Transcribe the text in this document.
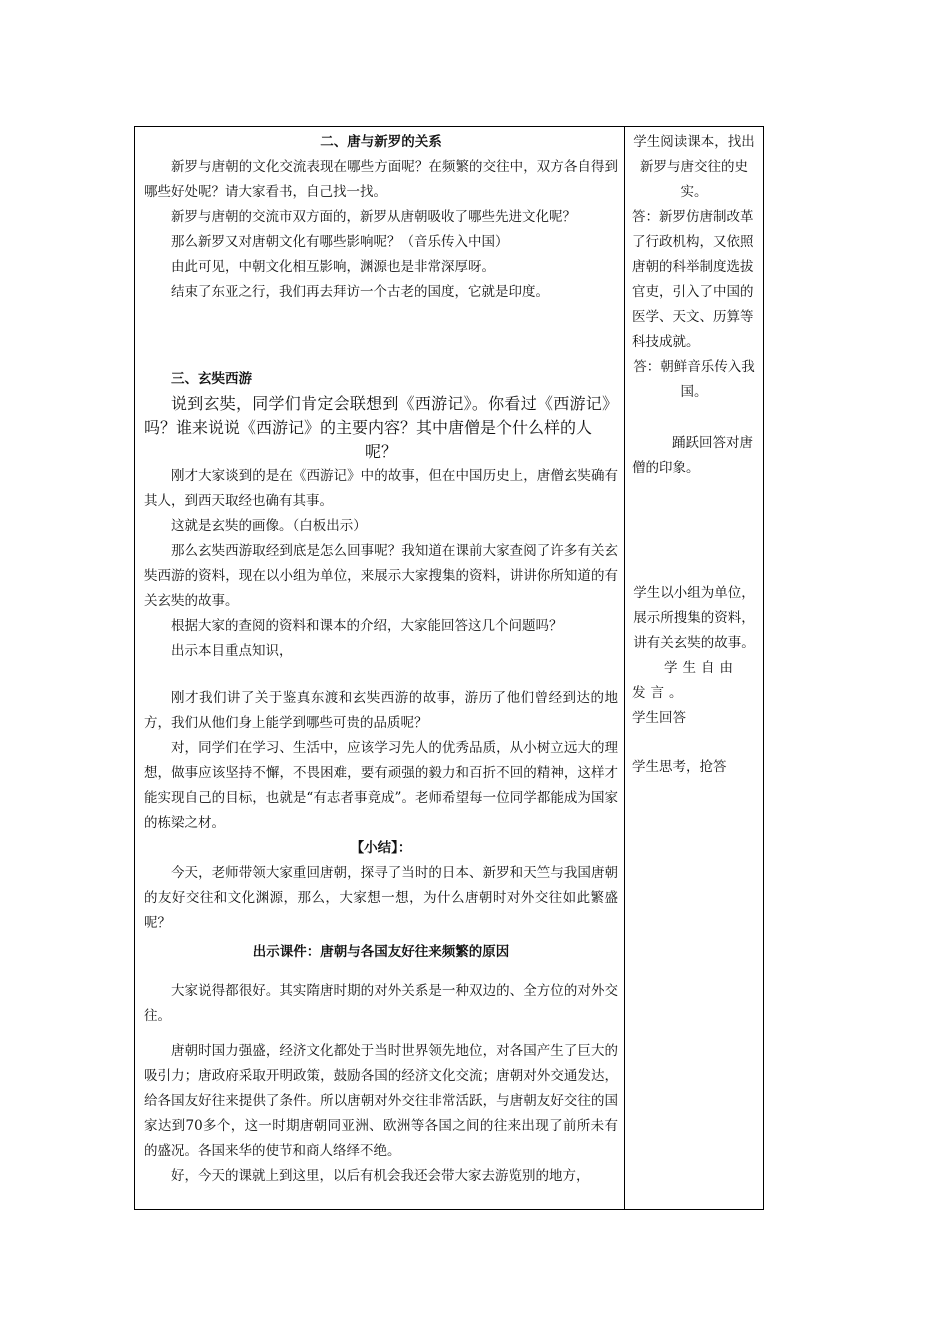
二、唐与新罗的关系

新罗与唐朝的文化交流表现在哪些方面呢？在频繁的交往中，双方各自得到哪些好处呢？请大家看书，自己找一找。

新罗与唐朝的交流市双方面的，新罗从唐朝吸收了哪些先进文化呢？

那么新罗又对唐朝文化有哪些影响呢？（音乐传入中国）

由此可见，中朝文化相互影响，渊源也是非常深厚呀。

结束了东亚之行，我们再去拜访一个古老的国度，它就是印度。

三、玄奘西游

说到玄奘，同学们肯定会联想到《西游记》。你看过《西游记》吗？谁来说说《西游记》的主要内容？其中唐僧是个什么样的人

呢？

刚才大家谈到的是在《西游记》中的故事，但在中国历史上，唐僧玄奘确有其人，到西天取经也确有其事。

这就是玄奘的画像。（白板出示）

那么玄奘西游取经到底是怎么回事呢？我知道在课前大家查阅了许多有关玄奘西游的资料，现在以小组为单位，来展示大家搜集的资料，讲讲你所知道的有关玄奘的故事。

根据大家的查阅的资料和课本的介绍，大家能回答这几个问题吗？

出示本目重点知识，

刚才我们讲了关于鉴真东渡和玄奘西游的故事，游历了他们曾经到达的地方，我们从他们身上能学到哪些可贵的品质呢？

对，同学们在学习、生活中，应该学习先人的优秀品质，从小树立远大的理想，做事应该坚持不懈，不畏困难，要有顽强的毅力和百折不回的精神，这样才能实现自己的目标，也就是“有志者事竟成”。老师希望每一位同学都能成为国家的栋梁之材。

【小结】：

今天，老师带领大家重回唐朝，探寻了当时的日本、新罗和天竺与我国唐朝的友好交往和文化渊源，那么，大家想一想，为什么唐朝时对外交往如此繁盛呢？

出示课件：唐朝与各国友好往来频繁的原因

大家说得都很好。其实隋唐时期的对外关系是一种双边的、全方位的对外交往。

唐朝时国力强盛，经济文化都处于当时世界领先地位，对各国产生了巨大的吸引力；唐政府采取开明政策，鼓励各国的经济文化交流；唐朝对外交通发达，给各国友好往来提供了条件。所以唐朝对外交往非常活跃，与唐朝友好交往的国家达到70多个，这一时期唐朝同亚洲、欧洲等各国之间的往来出现了前所未有的盛况。各国来华的使节和商人络绎不绝。

好，今天的课就上到这里，以后有机会我还会带大家去游览别的地方，

学生阅读课本，找出新罗与唐交往的史实。

答：新罗仿唐制改革了行政机构，又依照唐朝的科举制度选拔官吏，引入了中国的医学、天文、历算等科技成就。

答：朝鲜音乐传入我国。

踊跃回答对唐僧的印象。

学生以小组为单位，展示所搜集的资料，讲有关玄奘的故事。

学生自由发言。

学生回答

学生思考，抢答
